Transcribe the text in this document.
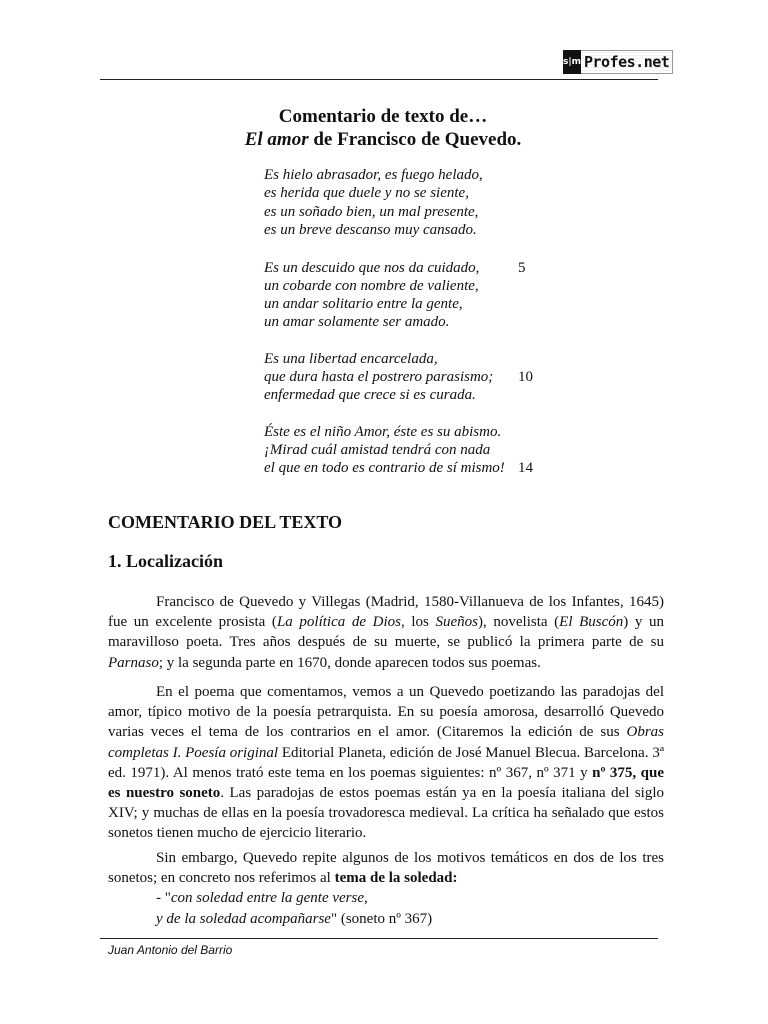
s|m Profes.net
Comentario de texto de…
El amor de Francisco de Quevedo.
Es hielo abrasador, es fuego helado,
es herida que duele y no se siente,
es un soñado bien, un mal presente,
es un breve descanso muy cansado.
Es un descuido que nos da cuidado,	5
un cobarde con nombre de valiente,
un andar solitario entre la gente,
un amar solamente ser amado.
Es una libertad encarcelada,
que dura hasta el postrero parasismo; 10
enfermedad que crece si es curada.
Éste es el niño Amor, éste es su abismo.
¡Mirad cuál amistad tendrá con nada
el que en todo es contrario de sí mismo! 14
COMENTARIO DEL TEXTO
1. Localización
Francisco de Quevedo y Villegas (Madrid, 1580-Villanueva de los Infantes, 1645) fue un excelente prosista (La política de Dios, los Sueños), novelista (El Buscón) y un maravilloso poeta. Tres años después de su muerte, se publicó la primera parte de su Parnaso; y la segunda parte en 1670, donde aparecen todos sus poemas.
En el poema que comentamos, vemos a un Quevedo poetizando las paradojas del amor, típico motivo de la poesía petrarquista. En su poesía amorosa, desarrolló Quevedo varias veces el tema de los contrarios en el amor. (Citaremos la edición de sus Obras completas I. Poesía original Editorial Planeta, edición de José Manuel Blecua. Barcelona. 3ª ed. 1971). Al menos trató este tema en los poemas siguientes: nº 367, nº 371 y nº 375, que es nuestro soneto. Las paradojas de estos poemas están ya en la poesía italiana del siglo XIV; y muchas de ellas en la poesía trovadoresca medieval. La crítica ha señalado que estos sonetos tienen mucho de ejercicio literario.
Sin embargo, Quevedo repite algunos de los motivos temáticos en dos de los tres sonetos; en concreto nos referimos al tema de la soledad:
- "con soledad entre la gente verse,
y de la soledad acompañarse" (soneto nº 367)
Juan Antonio del Barrio
